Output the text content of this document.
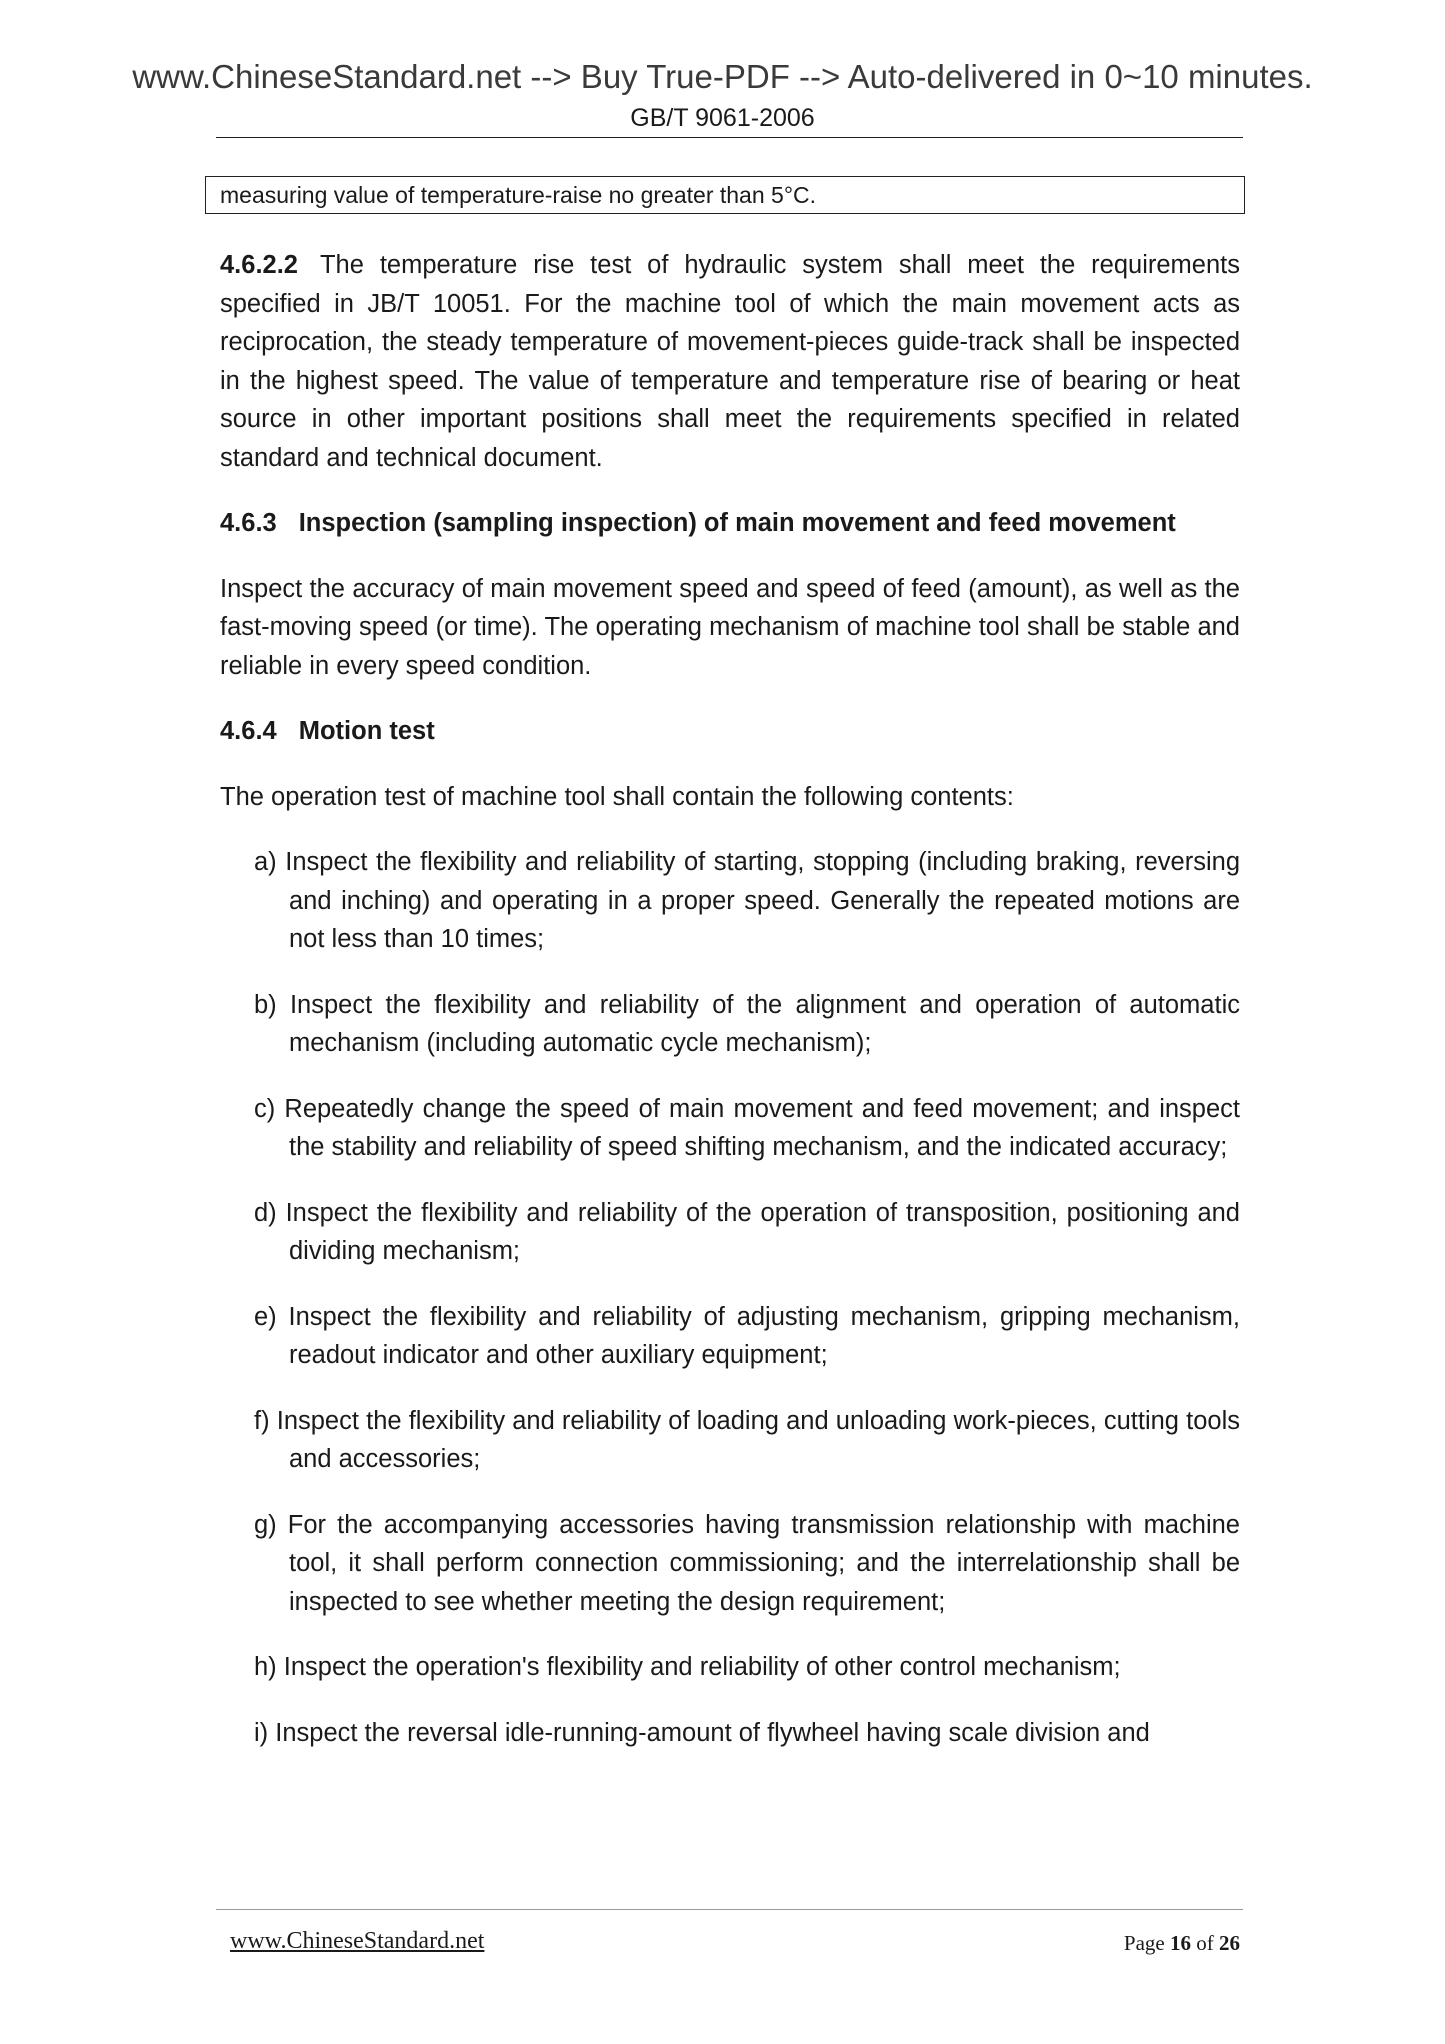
www.ChineseStandard.net --> Buy True-PDF --> Auto-delivered in 0~10 minutes.
GB/T 9061-2006
measuring value of temperature-raise no greater than 5°C.

4.6.2.2 The temperature rise test of hydraulic system shall meet the requirements specified in JB/T 10051. For the machine tool of which the main movement acts as reciprocation, the steady temperature of movement-pieces guide-track shall be inspected in the highest speed. The value of temperature and temperature rise of bearing or heat source in other important positions shall meet the requirements specified in related standard and technical document.

4.6.3 Inspection (sampling inspection) of main movement and feed movement

Inspect the accuracy of main movement speed and speed of feed (amount), as well as the fast-moving speed (or time). The operating mechanism of machine tool shall be stable and reliable in every speed condition.

4.6.4 Motion test

The operation test of machine tool shall contain the following contents:

a) Inspect the flexibility and reliability of starting, stopping (including braking, reversing and inching) and operating in a proper speed. Generally the repeated motions are not less than 10 times;

b) Inspect the flexibility and reliability of the alignment and operation of automatic mechanism (including automatic cycle mechanism);

c) Repeatedly change the speed of main movement and feed movement; and inspect the stability and reliability of speed shifting mechanism, and the indicated accuracy;

d) Inspect the flexibility and reliability of the operation of transposition, positioning and dividing mechanism;

e) Inspect the flexibility and reliability of adjusting mechanism, gripping mechanism, readout indicator and other auxiliary equipment;

f) Inspect the flexibility and reliability of loading and unloading work-pieces, cutting tools and accessories;

g) For the accompanying accessories having transmission relationship with machine tool, it shall perform connection commissioning; and the interrelationship shall be inspected to see whether meeting the design requirement;

h) Inspect the operation's flexibility and reliability of other control mechanism;

i) Inspect the reversal idle-running-amount of flywheel having scale division and

www.ChineseStandard.net	Page 16 of 26
